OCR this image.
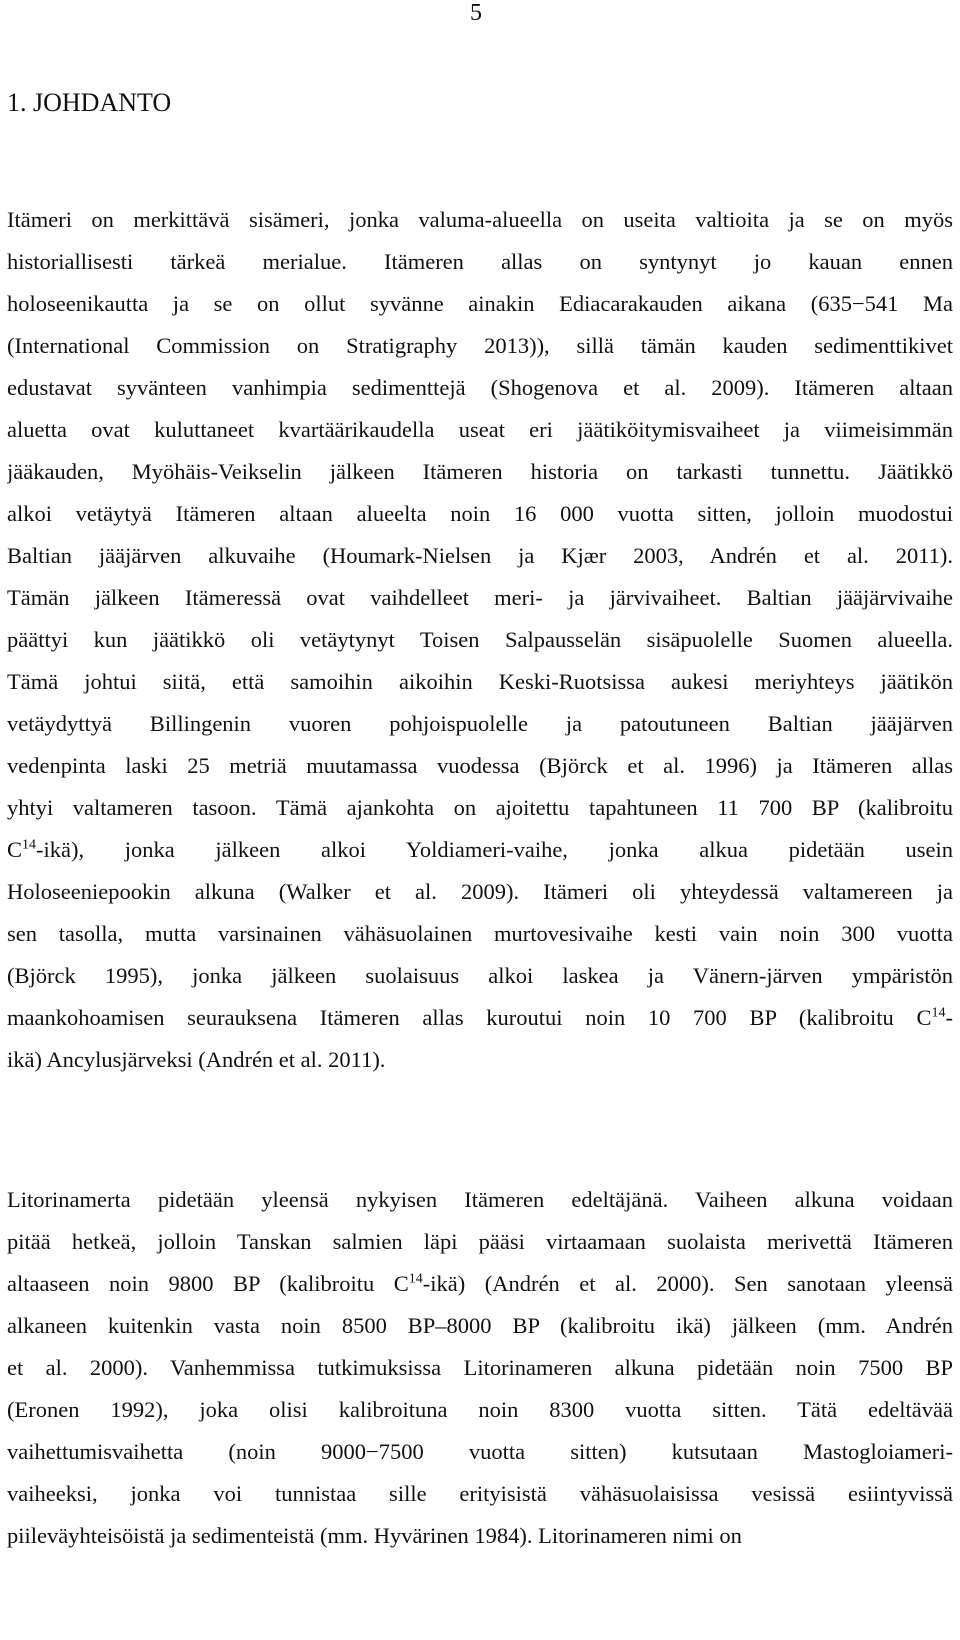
5
1. JOHDANTO
Itämeri on merkittävä sisämeri, jonka valuma-alueella on useita valtioita ja se on myös
historiallisesti tärkeä merialue. Itämeren allas on syntynyt jo kauan ennen
holoseenikautta ja se on ollut syvänne ainakin Ediacarakauden aikana (635−541 Ma
(International Commission on Stratigraphy 2013)), sillä tämän kauden sedimenttikivet
edustavat syvänteen vanhimpia sedimenttejä (Shogenova et al. 2009). Itämeren altaan
aluetta ovat kuluttaneet kvartäärikaudella useat eri jäätiköitymisvaiheet ja viimeisimmän
jääkauden, Myöhäis-Veikselin jälkeen Itämeren historia on tarkasti tunnettu. Jäätikkö
alkoi vetäytyä Itämeren altaan alueelta noin 16 000 vuotta sitten, jolloin muodostui
Baltian jääjärven alkuvaihe (Houmark-Nielsen ja Kjær 2003, Andrén et al. 2011).
Tämän jälkeen Itämeressä ovat vaihdelleet meri- ja järvivaiheet. Baltian jääjärvivaihe
päättyi kun jäätikkö oli vetäytynyt Toisen Salpausselän sisäpuolelle Suomen alueella.
Tämä johtui siitä, että samoihin aikoihin Keski-Ruotsissa aukesi meriyhteys jäätikön
vetäydyttyä Billingenin vuoren pohjoispuolelle ja patoutuneen Baltian jääjärven
vedenpinta laski 25 metriä muutamassa vuodessa (Björck et al. 1996) ja Itämeren allas
yhtyi valtameren tasoon. Tämä ajankohta on ajoitettu tapahtuneen 11 700 BP (kalibroitu
$C^{14}-ikä$), jonka jälkeen alkoi Yoldiameri-vaihe, jonka alkua pidetään usein
Holoseeniepookin alkuna (Walker et al. 2009). Itämeri oli yhteydessä valtamereen ja
sen tasolla, mutta varsinainen vähäsuolainen murtovesivaihe kesti vain noin 300 vuotta
(Björck 1995), jonka jälkeen suolaisuus alkoi laskea ja Vänern-järven ympäristön
maankohoamisen seurauksena Itämeren allas kuroutui noin 10 700 BP (kalibroitu $C^{14}-$
ikä) Ancylusjärveksi (Andrén et al. 2011).
Litorinamerta pidetään yleensä nykyisen Itämeren edeltäjänä. Vaiheen alkuna voidaan
pitää hetkeä, jolloin Tanskan salmien läpi pääsi virtaamaan suolaista merivettä Itämeren
altaaseen noin 9800 BP (kalibroitu $C^{14}-ikä$) (Andrén et al. 2000). Sen sanotaan yleensä
alkaneen kuitenkin vasta noin 8500 BP–8000 BP (kalibroitu ikä) jälkeen (mm. Andrén
et al. 2000). Vanhemmissa tutkimuksissa Litorinameren alkuna pidetään noin 7500 BP
(Eronen 1992), joka olisi kalibroituna noin 8300 vuotta sitten. Tätä edeltävää
vaihettumisvaihetta (noin 9000−7500 vuotta sitten) kutsutaan Mastogloiameri-
vaiheeksi, jonka voi tunnistaa sille erityisistä vähäsuolaisissa vesissä esiintyvissä
piileväyhteisöistä ja sedimenteistä (mm. Hyvärinen 1984). Litorinameren nimi on
